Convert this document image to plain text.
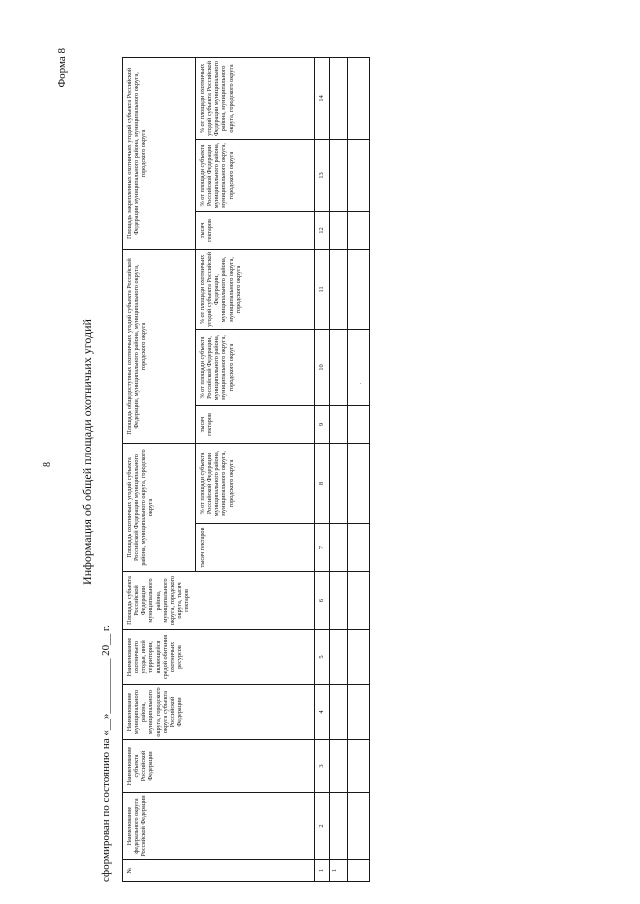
8
Форма 8
Информация об общей площади охотничьих угодий
сформирован по состоянию на «__»__________ 20__ г. №	Наименование федерального округа Российской Федерации	Наименование субъекта Российской Федерации	Наименование муниципального района, муниципального округа, городского округа субъекта Российской Федерации	Наименование охотничьего угодья, иной территории, являющейся средой обитания охотничьих ресурсов	Площадь субъекта Российской Федерации муниципального района, муниципального округа, городского округа, тысяч гектаров	Площадь охотничьих угодий субъекта Российской Федерации муниципального района, муниципального округа, городского округа		Площадь общедоступных охотничьих угодий субъекта Российской Федерации, муниципального района, муниципального округа, городского округа			Площадь закрепленных охотничьих угодий субъекта Российской Федерации муниципального района, муниципального округа, городского округа		
						тысяч гектаров	% от площади субъекта Российской Федерации муниципального района, муниципального округа, городского округа	тысяч гектаров	% от площади субъекта Российской Федерации, муниципального района, муниципального округа, городского округа	% от площади охотничьих угодий субъекта Российской Федерации, муниципального района, муниципального округа, городского округа	тысяч гектаров	% от площади субъекта Российской Федерации муниципального района, муниципального округа, городского округа	% от площади охотничьих угодий субъекта Российской Федерации муниципального района, муниципального округа, городского округа
1	2	3	4	5	6	7	8	9	10	11	12	13	14
1													
